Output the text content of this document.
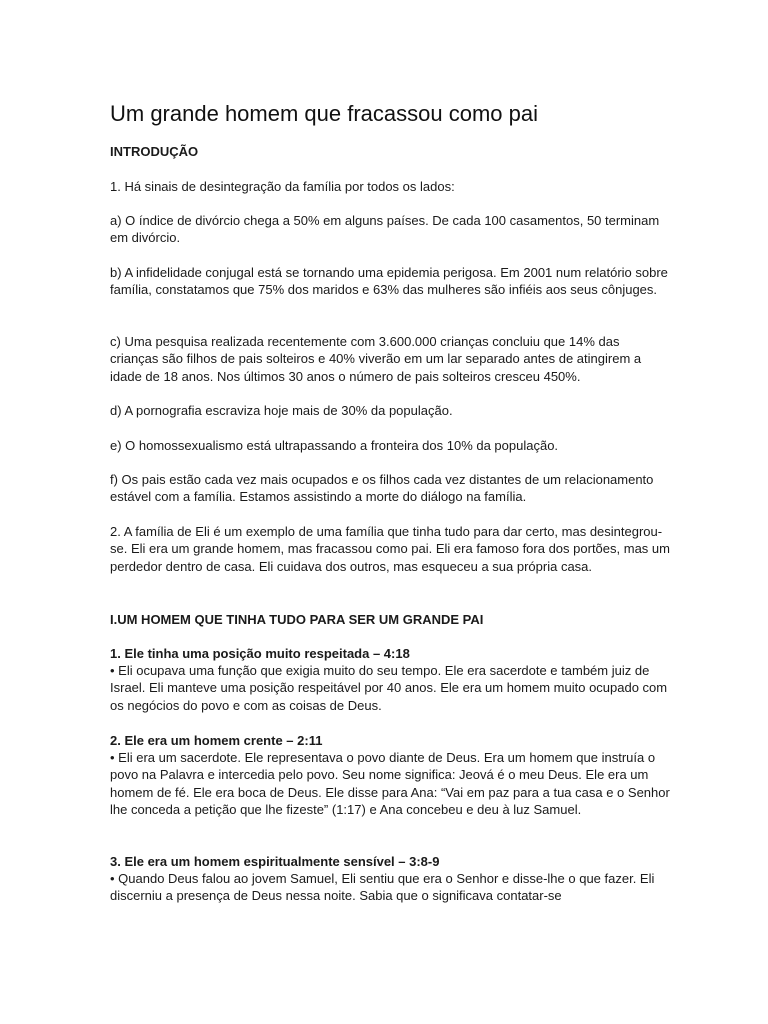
Um grande homem que fracassou como pai

INTRODUÇÃO

1. Há sinais de desintegração da família por todos os lados:

a) O índice de divórcio chega a 50% em alguns países. De cada 100 casamentos, 50 terminam em divórcio.

b) A infidelidade conjugal está se tornando uma epidemia perigosa. Em 2001 num relatório sobre família, constatamos que 75% dos maridos e 63% das mulheres são infiéis aos seus cônjuges.

c) Uma pesquisa realizada recentemente com 3.600.000 crianças concluiu que 14% das crianças são filhos de pais solteiros e 40% viverão em um lar separado antes de atingirem a idade de 18 anos. Nos últimos 30 anos o número de pais solteiros cresceu 450%.

d) A pornografia escraviza hoje mais de 30% da população.

e) O homossexualismo está ultrapassando a fronteira dos 10% da população.

f) Os pais estão cada vez mais ocupados e os filhos cada vez distantes de um relacionamento estável com a família. Estamos assistindo a morte do diálogo na família.

2. A família de Eli é um exemplo de uma família que tinha tudo para dar certo, mas desintegrou-se. Eli era um grande homem, mas fracassou como pai. Eli era famoso fora dos portões, mas um perdedor dentro de casa. Eli cuidava dos outros, mas esqueceu a sua própria casa.

I.UM HOMEM QUE TINHA TUDO PARA SER UM GRANDE PAI

1. Ele tinha uma posição muito respeitada – 4:18

• Eli ocupava uma função que exigia muito do seu tempo. Ele era sacerdote e também juiz de Israel. Eli manteve uma posição respeitável por 40 anos. Ele era um homem muito ocupado com os negócios do povo e com as coisas de Deus.

2. Ele era um homem crente – 2:11

• Eli era um sacerdote. Ele representava o povo diante de Deus. Era um homem que instruía o povo na Palavra e intercedia pelo povo. Seu nome significa: Jeová é o meu Deus. Ele era um homem de fé. Ele era boca de Deus. Ele disse para Ana: “Vai em paz para a tua casa e o Senhor lhe conceda a petição que lhe fizeste” (1:17) e Ana concebeu e deu à luz Samuel.

3. Ele era um homem espiritualmente sensível – 3:8-9

• Quando Deus falou ao jovem Samuel, Eli sentiu que era o Senhor e disse-lhe o que fazer. Eli discerniu a presença de Deus nessa noite. Sabia que o significava contatar-se
